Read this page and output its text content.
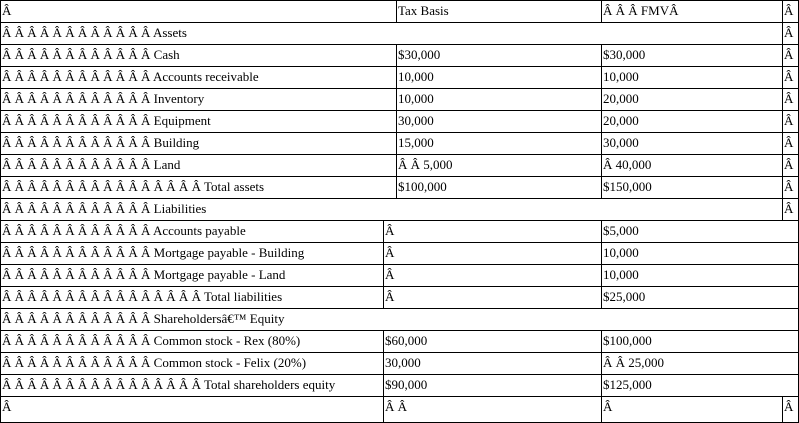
Â	Tax Basis	Â Â Â FMVÂ	Â
Â Â Â Â Â Â Â Â Â Â Â Â Assets	Â
Â Â Â Â Â Â Â Â Â Â Â Â Cash	$30,000	$30,000	Â
Â Â Â Â Â Â Â Â Â Â Â Â Accounts receivable	10,000	10,000	Â
Â Â Â Â Â Â Â Â Â Â Â Â Inventory	10,000	20,000	Â
Â Â Â Â Â Â Â Â Â Â Â Â Equipment	30,000	20,000	Â
Â Â Â Â Â Â Â Â Â Â Â Â Building	15,000	30,000	Â
Â Â Â Â Â Â Â Â Â Â Â Â Land	Â Â 5,000	Â 40,000	Â
Â Â Â Â Â Â Â Â Â Â Â Â Â Â Â Â Total assets	$100,000	$150,000	Â
Â Â Â Â Â Â Â Â Â Â Â Â Liabilities	Â
Â Â Â Â Â Â Â Â Â Â Â Â Accounts payable	Â	$5,000
Â Â Â Â Â Â Â Â Â Â Â Â Mortgage payable - Building	Â	10,000
Â Â Â Â Â Â Â Â Â Â Â Â Mortgage payable - Land	Â	10,000
Â Â Â Â Â Â Â Â Â Â Â Â Â Â Â Â Total liabilities	Â	$25,000
Â Â Â Â Â Â Â Â Â Â Â Â Shareholdersâ€™ Equity
Â Â Â Â Â Â Â Â Â Â Â Â Common stock - Rex (80%)	$60,000	$100,000
Â Â Â Â Â Â Â Â Â Â Â Â Common stock - Felix (20%)	30,000	Â Â 25,000
Â Â Â Â Â Â Â Â Â Â Â Â Â Â Â Â Total shareholders equity	$90,000	$125,000
Â	Â Â	Â	Â
